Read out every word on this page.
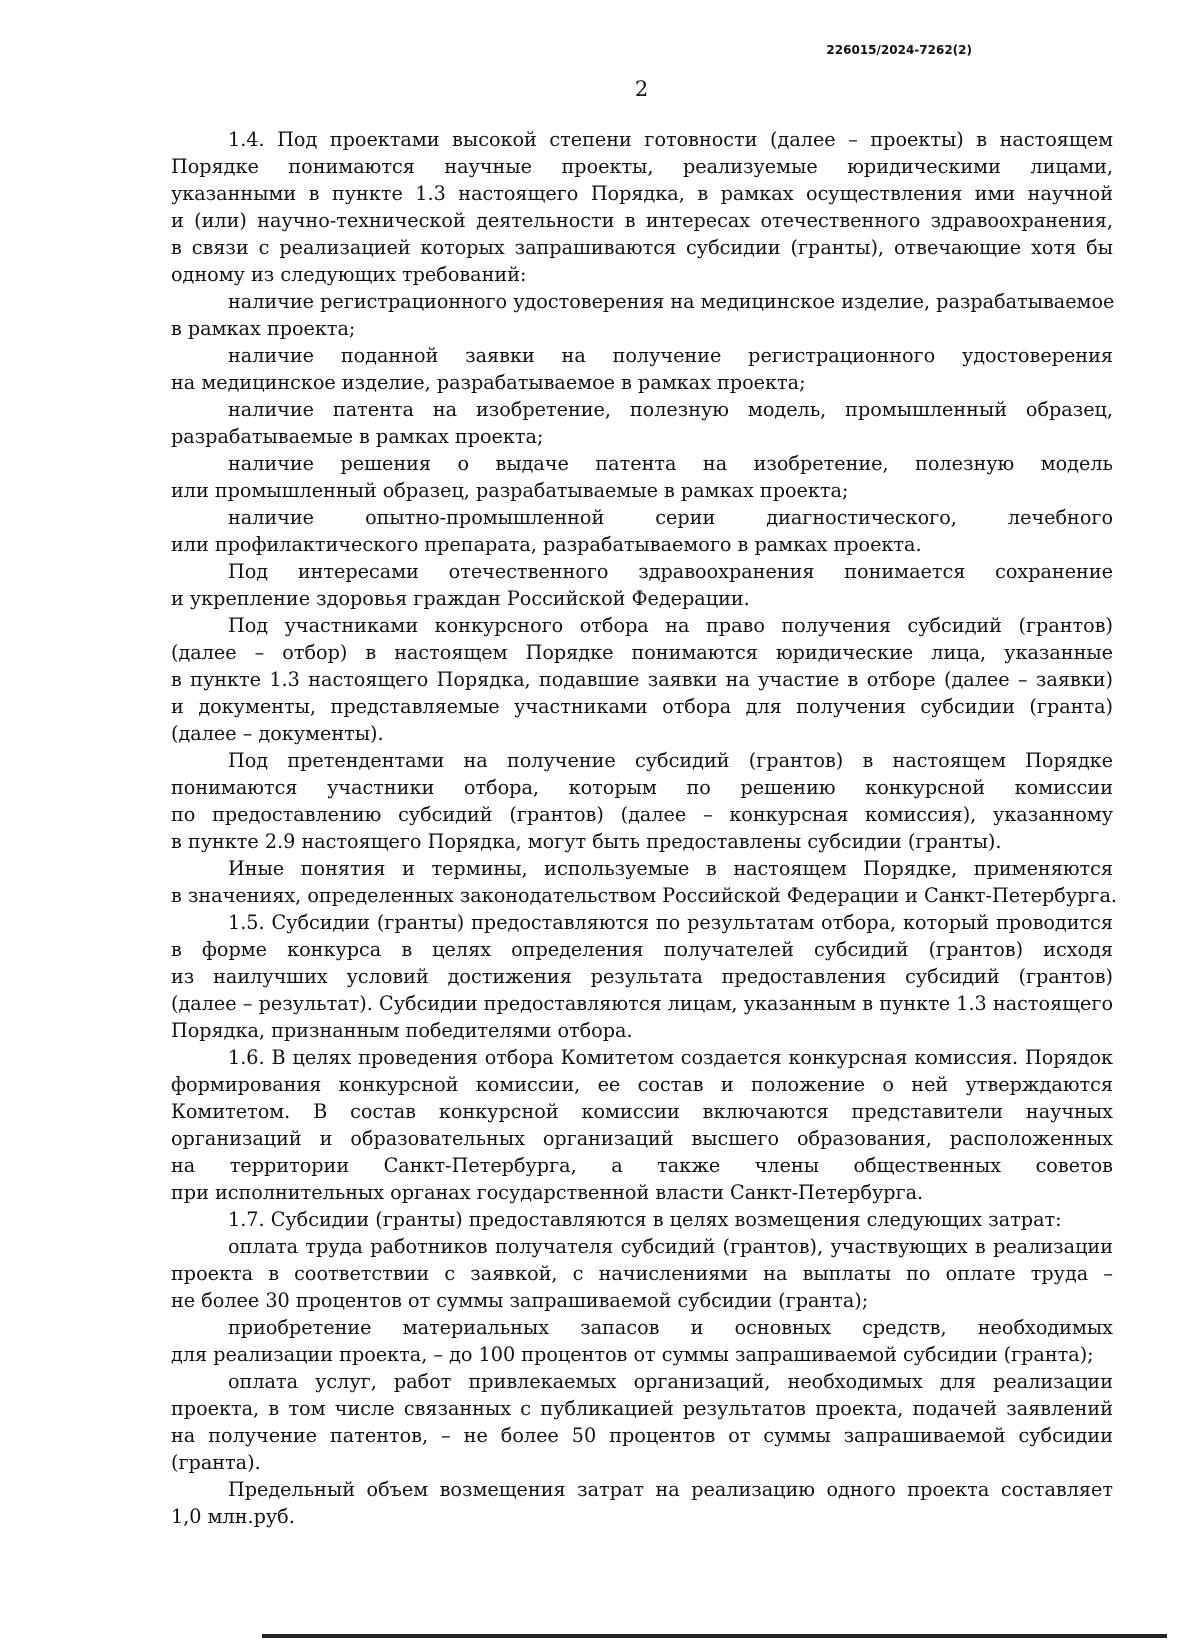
226015/2024-7262(2)

2

1.4. Под проектами высокой степени готовности (далее – проекты) в настоящем

Порядке понимаются научные проекты, реализуемые юридическими лицами,

указанными в пункте 1.3 настоящего Порядка, в рамках осуществления ими научной

и (или) научно-технической деятельности в интересах отечественного здравоохранения,

в связи с реализацией которых запрашиваются субсидии (гранты), отвечающие хотя бы

одному из следующих требований:

наличие регистрационного удостоверения на медицинское изделие, разрабатываемое

в рамках проекта;

наличие поданной заявки на получение регистрационного удостоверения

на медицинское изделие, разрабатываемое в рамках проекта;

наличие патента на изобретение, полезную модель, промышленный образец,

разрабатываемые в рамках проекта;

наличие решения о выдаче патента на изобретение, полезную модель

или промышленный образец, разрабатываемые в рамках проекта;

наличие опытно-промышленной серии диагностического, лечебного

или профилактического препарата, разрабатываемого в рамках проекта.

Под интересами отечественного здравоохранения понимается сохранение

и укрепление здоровья граждан Российской Федерации.

Под участниками конкурсного отбора на право получения субсидий (грантов)

(далее – отбор) в настоящем Порядке понимаются юридические лица, указанные

в пункте 1.3 настоящего Порядка, подавшие заявки на участие в отборе (далее – заявки)

и документы, представляемые участниками отбора для получения субсидии (гранта)

(далее – документы).

Под претендентами на получение субсидий (грантов) в настоящем Порядке

понимаются участники отбора, которым по решению конкурсной комиссии

по предоставлению субсидий (грантов) (далее – конкурсная комиссия), указанному

в пункте 2.9 настоящего Порядка, могут быть предоставлены субсидии (гранты).

Иные понятия и термины, используемые в настоящем Порядке, применяются

в значениях, определенных законодательством Российской Федерации и Санкт-Петербурга.

1.5. Субсидии (гранты) предоставляются по результатам отбора, который проводится

в форме конкурса в целях определения получателей субсидий (грантов) исходя

из наилучших условий достижения результата предоставления субсидий (грантов)

(далее – результат). Субсидии предоставляются лицам, указанным в пункте 1.3 настоящего

Порядка, признанным победителями отбора.

1.6. В целях проведения отбора Комитетом создается конкурсная комиссия. Порядок

формирования конкурсной комиссии, ее состав и положение о ней утверждаются

Комитетом. В состав конкурсной комиссии включаются представители научных

организаций и образовательных организаций высшего образования, расположенных

на территории Санкт-Петербурга, а также члены общественных советов

при исполнительных органах государственной власти Санкт-Петербурга.

1.7. Субсидии (гранты) предоставляются в целях возмещения следующих затрат:

оплата труда работников получателя субсидий (грантов), участвующих в реализации

проекта в соответствии с заявкой, с начислениями на выплаты по оплате труда –

не более 30 процентов от суммы запрашиваемой субсидии (гранта);

приобретение материальных запасов и основных средств, необходимых

для реализации проекта, – до 100 процентов от суммы запрашиваемой субсидии (гранта);

оплата услуг, работ привлекаемых организаций, необходимых для реализации

проекта, в том числе связанных с публикацией результатов проекта, подачей заявлений

на получение патентов, – не более 50 процентов от суммы запрашиваемой субсидии

(гранта).

Предельный объем возмещения затрат на реализацию одного проекта составляет

1,0 млн.руб.
